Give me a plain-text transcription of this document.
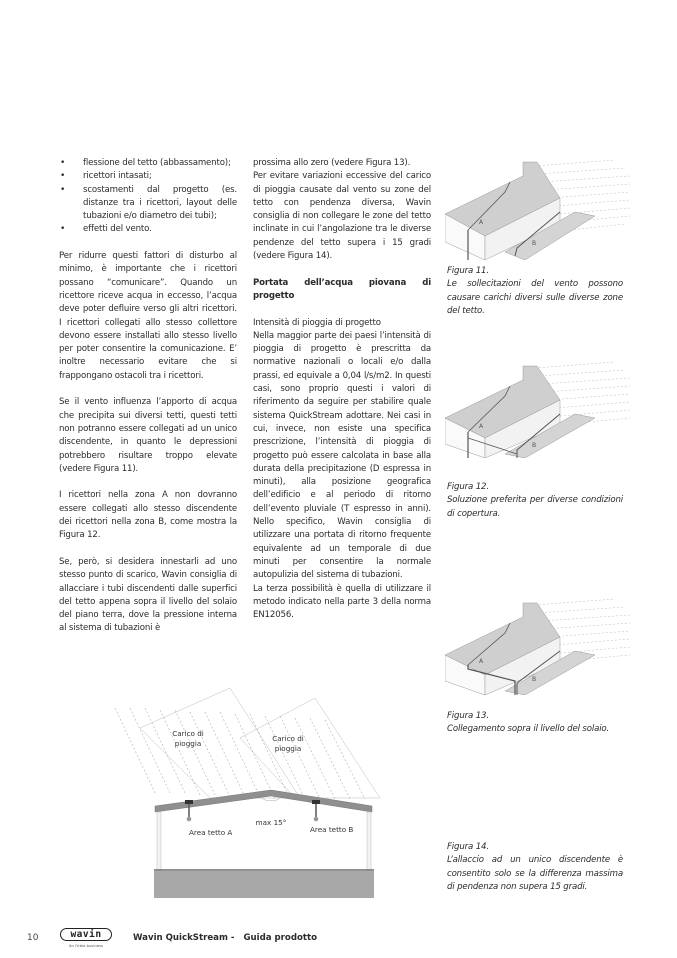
• flessione del tetto (abbassamento);
• ricettori intasati;
• scostamenti dal progetto (es. distanze tra i ricettori, layout delle tubazioni e/o diametro dei tubi);
• effetti del vento.

Per ridurre questi fattori di disturbo al minimo, è importante che i ricettori possano “comunicare”. Quando un ricettore riceve acqua in eccesso, l’acqua deve poter defluire verso gli altri ricettori. I ricettori collegati allo stesso collettore devono essere installati allo stesso livello per poter consentire la comunicazione. E’ inoltre necessario evitare che si frappongano ostacoli tra i ricettori.

Se il vento influenza l’apporto di acqua che precipita sui diversi tetti, questi tetti non potranno essere collegati ad un unico discendente, in quanto le depressioni potrebbero risultare troppo elevate (vedere Figura 11).

I ricettori nella zona A non dovranno essere collegati allo stesso discendente dei ricettori nella zona B, come mostra la Figura 12.

Se, però, si desidera innestarli ad uno stesso punto di scarico, Wavin consiglia di allacciare i tubi discendenti dalle superfici del tetto appena sopra il livello del solaio del piano terra, dove la pressione interna al sistema di tubazioni è

prossima allo zero (vedere Figura 13).

Per evitare variazioni eccessive del carico di pioggia causate dal vento su zone del tetto con pendenza diversa, Wavin consiglia di non collegare le zone del tetto inclinate in cui l’angolazione tra le diverse pendenze del tetto supera i 15 gradi (vedere Figura 14).

Portata dell’acqua piovana di progetto

Intensità di pioggia di progetto

Nella maggior parte dei paesi l’intensità di pioggia di progetto è prescritta da normative nazionali o locali e/o dalla prassi, ed equivale a 0,04 l/s/m2. In questi casi, sono proprio questi i valori di riferimento da seguire per stabilire quale sistema QuickStream adottare. Nei casi in cui, invece, non esiste una specifica prescrizione, l’intensità di pioggia di progetto può essere calcolata in base alla durata della precipitazione (D espressa in minuti), alla posizione geografica dell’edificio e al periodo di ritorno dell’evento pluviale (T espresso in anni). Nello specifico, Wavin consiglia di utilizzare una portata di ritorno frequente equivalente ad un temporale di due minuti per consentire la normale autopulizia del sistema di tubazioni.

La terza possibilità è quella di utilizzare il metodo indicato nella parte 3 della norma EN12056.

A
B

Figura 11.

Le sollecitazioni del vento possono causare carichi diversi sulle diverse zone del tetto.

A
B

Figura 12.

Soluzione preferita per diverse condizioni di copertura.

A
B

Figura 13.

Collegamento sopra il livello del solaio.

Carico di
pioggia
Carico di
pioggia
max 15°
Area tetto A	Area tetto B

Figura 14.

L’allaccio ad un unico discendente è consentito solo se la differenza massima di pendenza non supera 15 gradi.

10	wavin
An Orbia business
Wavin QuickStream -   Guida prodotto
